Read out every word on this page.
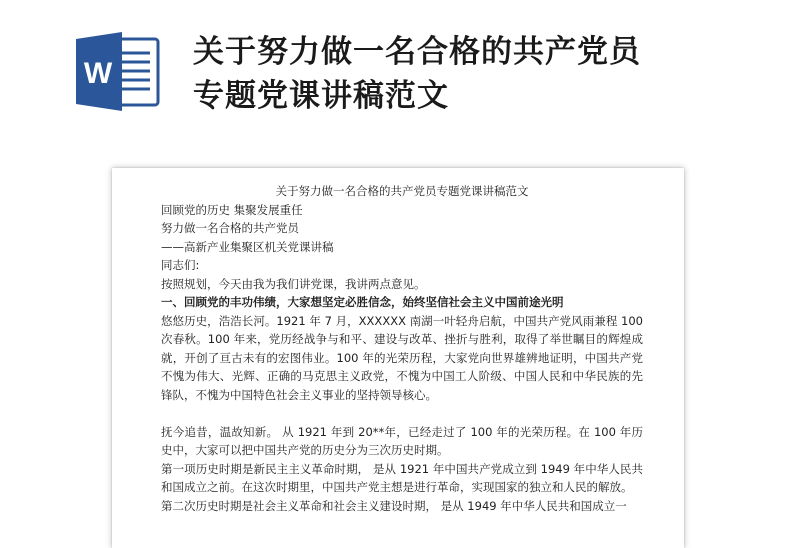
W
关于努力做一名合格的共产党员
专题党课讲稿范文
关于努力做一名合格的共产党员专题党课讲稿范文
回顾党的历史 集聚发展重任
努力做一名合格的共产党员
——高新产业集聚区机关党课讲稿
同志们:
按照规划，今天由我为我们讲党课，我讲两点意见。
一、回顾党的丰功伟绩，大家想坚定必胜信念，始终坚信社会主义中国前途光明
悠悠历史，浩浩长河。1921 年 7 月，XXXXXX 南湖一叶轻舟启航，中国共产党风雨兼程 100 次春秋。100 年来，党历经战争与和平、建设与改革、挫折与胜利，取得了举世瞩目的辉煌成就，开创了亘古未有的宏图伟业。100 年的光荣历程，大家党向世界雄辨地证明，中国共产党不愧为伟大、光辉、正确的马克思主义政党，不愧为中国工人阶级、中国人民和中华民族的先锋队，不愧为中国特色社会主义事业的坚持领导核心。
抚今追昔，温故知新。 从 1921 年到 20**年，已经走过了 100 年的光荣历程。在 100 年历史中，大家可以把中国共产党的历史分为三次历史时期。
第一项历史时期是新民主主义革命时期， 是从 1921 年中国共产党成立到 1949 年中华人民共和国成立之前。在这次时期里，中国共产党主想是进行革命，实现国家的独立和人民的解放。
第二次历史时期是社会主义革命和社会主义建设时期， 是从 1949 年中华人民共和国成立一
